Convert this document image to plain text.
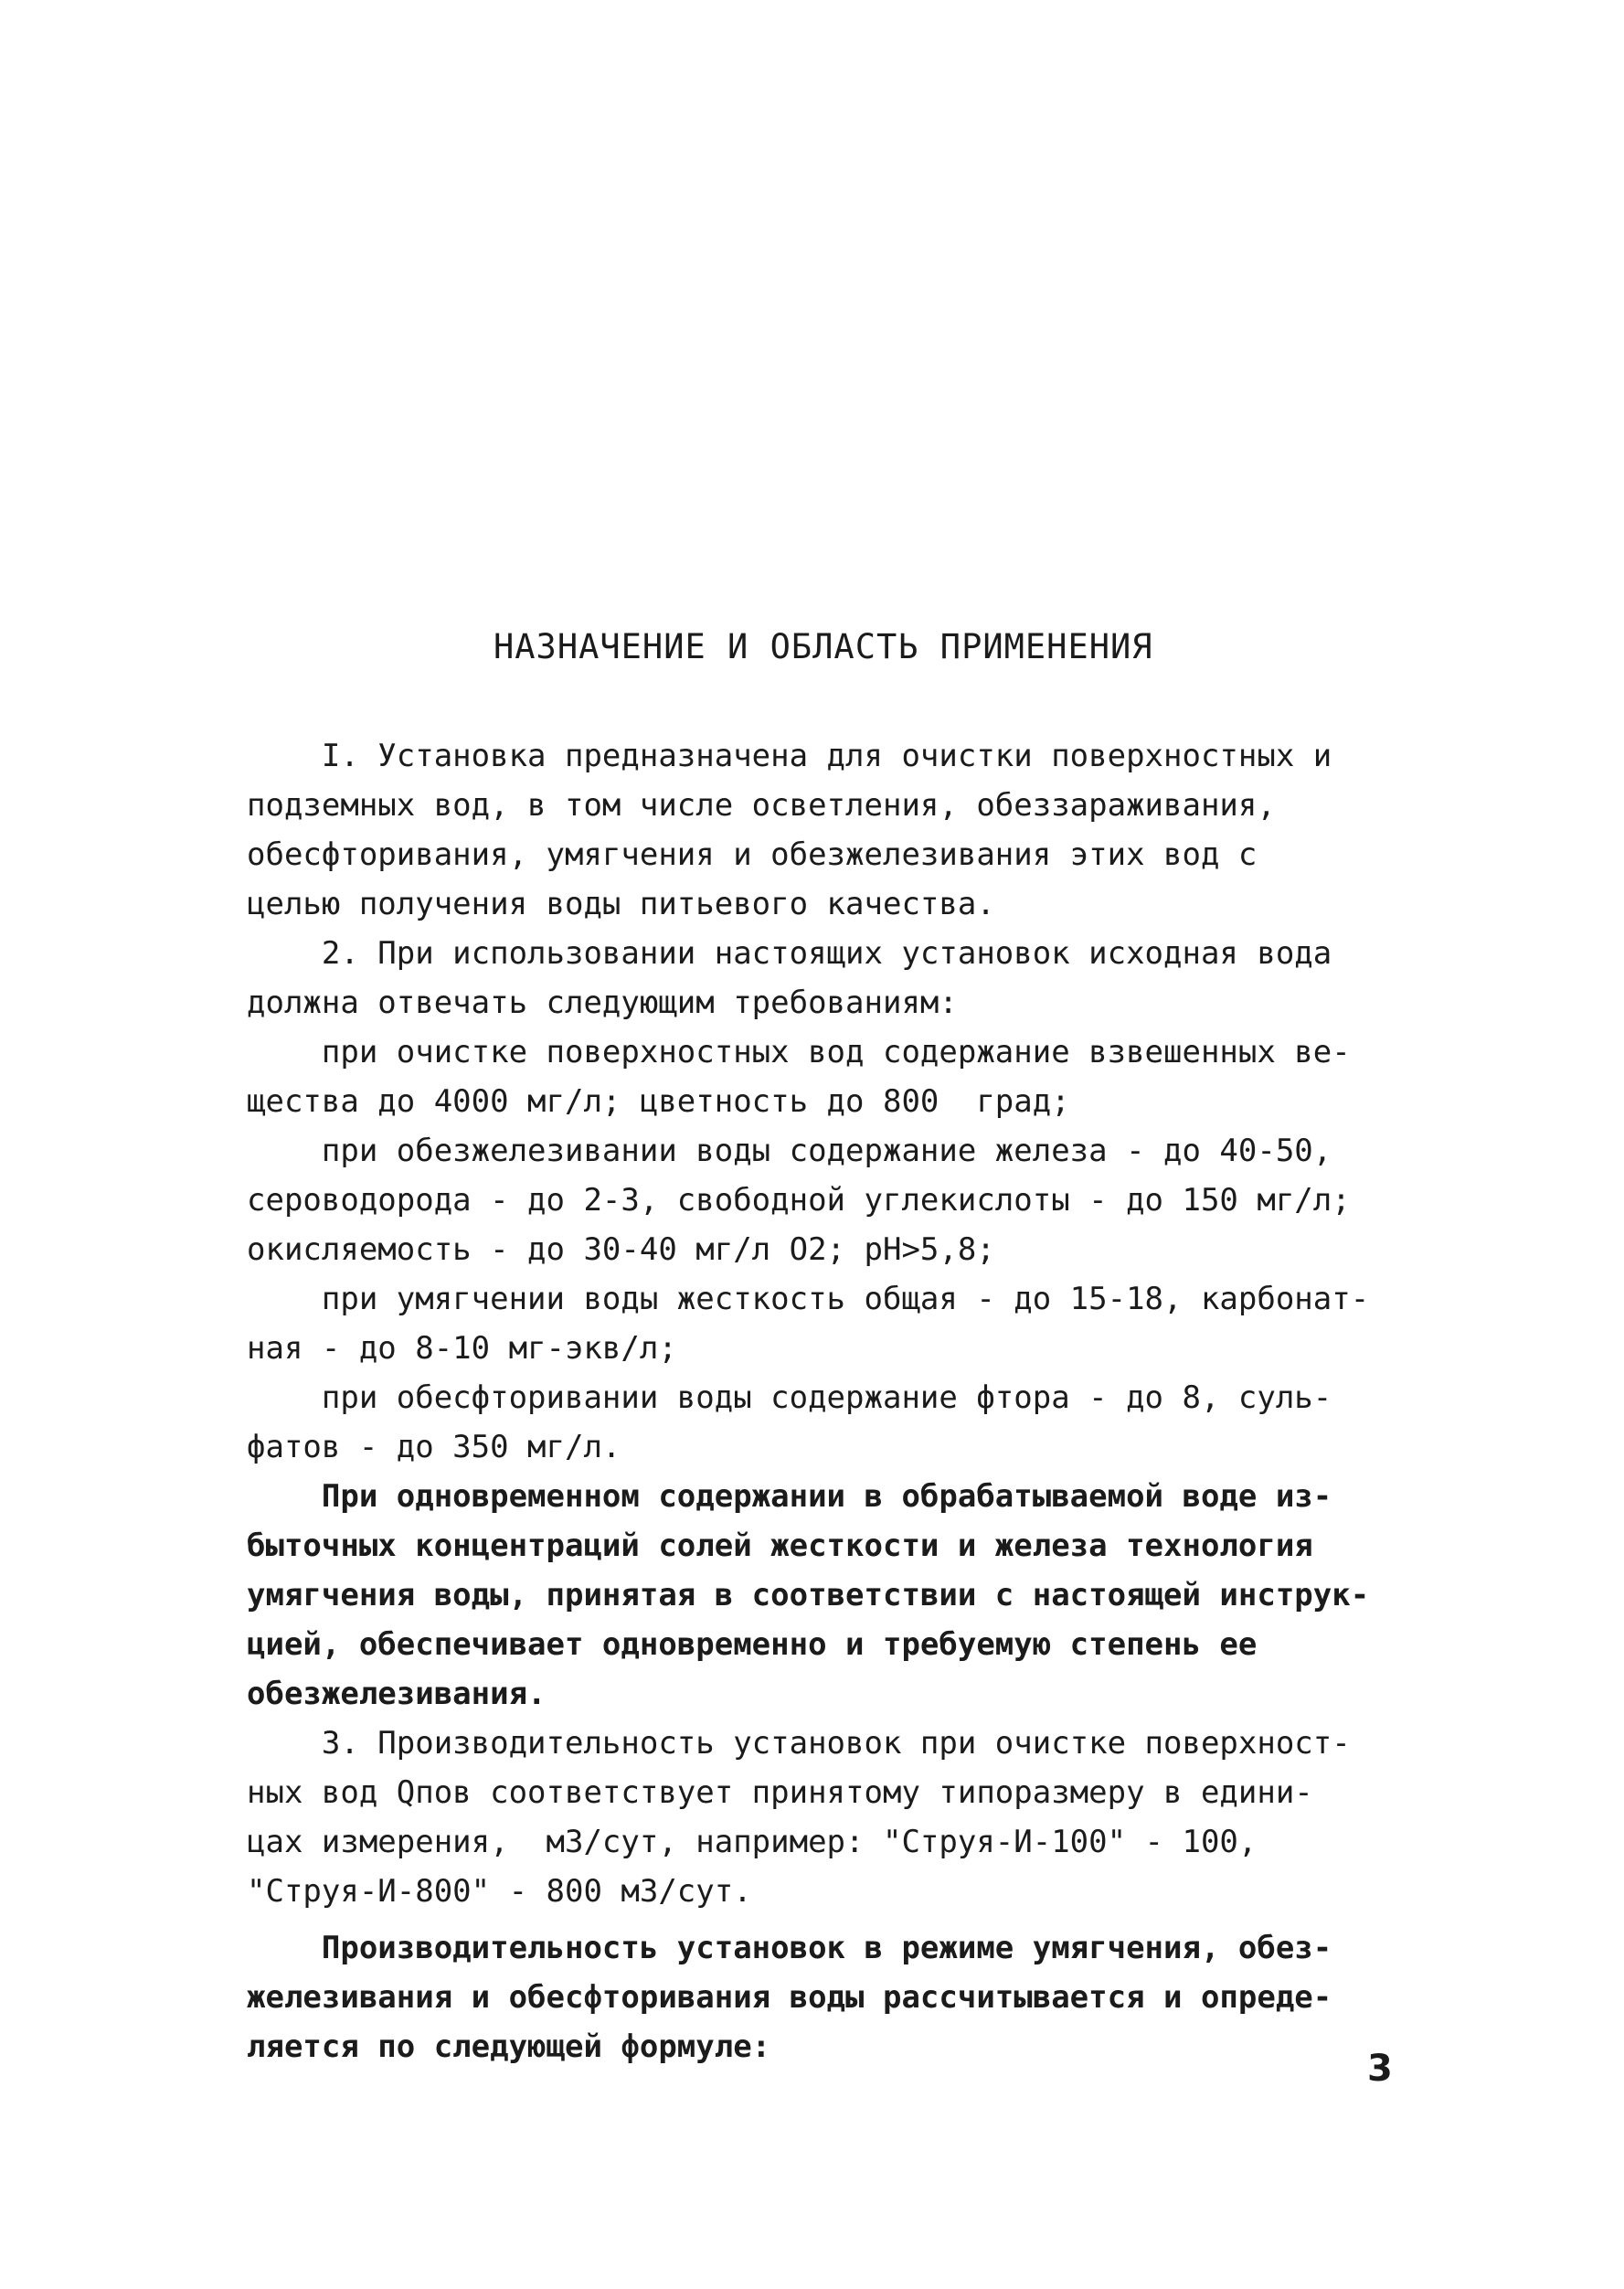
НАЗНАЧЕНИЕ И ОБЛАСТЬ ПРИМЕНЕНИЯ
I. Установка предназначена для очистки поверхностных и
подземных вод, в том числе осветления, обеззараживания,
обесфторивания, умягчения и обезжелезивания этих вод с
целью получения воды питьевого качества.
2. При использовании настоящих установок исходная вода
должна отвечать следующим требованиям:
при очистке поверхностных вод содержание взвешенных ве-
щества до 4000 мг/л; цветность до 800  град;
при обезжелезивании воды содержание железа - до 40-50,
сероводорода - до 2-3, свободной углекислоты - до 150 мг/л;
окисляемость - до 30-40 мг/л O2; pH>5,8;
при умягчении воды жесткость общая - до 15-18, карбонат-
ная - до 8-10 мг-экв/л;
при обесфторивании воды содержание фтора - до 8, суль-
фатов - до 350 мг/л.
При одновременном содержании в обрабатываемой воде из-
быточных концентраций солей жесткости и железа технология
умягчения воды, принятая в соответствии с настоящей инструк-
цией, обеспечивает одновременно и требуемую степень ее
обезжелезивания.
3. Производительность установок при очистке поверхност-
ных вод Qпов соответствует принятому типоразмеру в едини-
цах измерения,  м3/сут, например: "Струя-И-100" - 100,
"Струя-И-800" - 800 м3/сут.
Производительность установок в режиме умягчения, обез-
железивания и обесфторивания воды рассчитывается и опреде-
ляется по следующей формуле:
3
